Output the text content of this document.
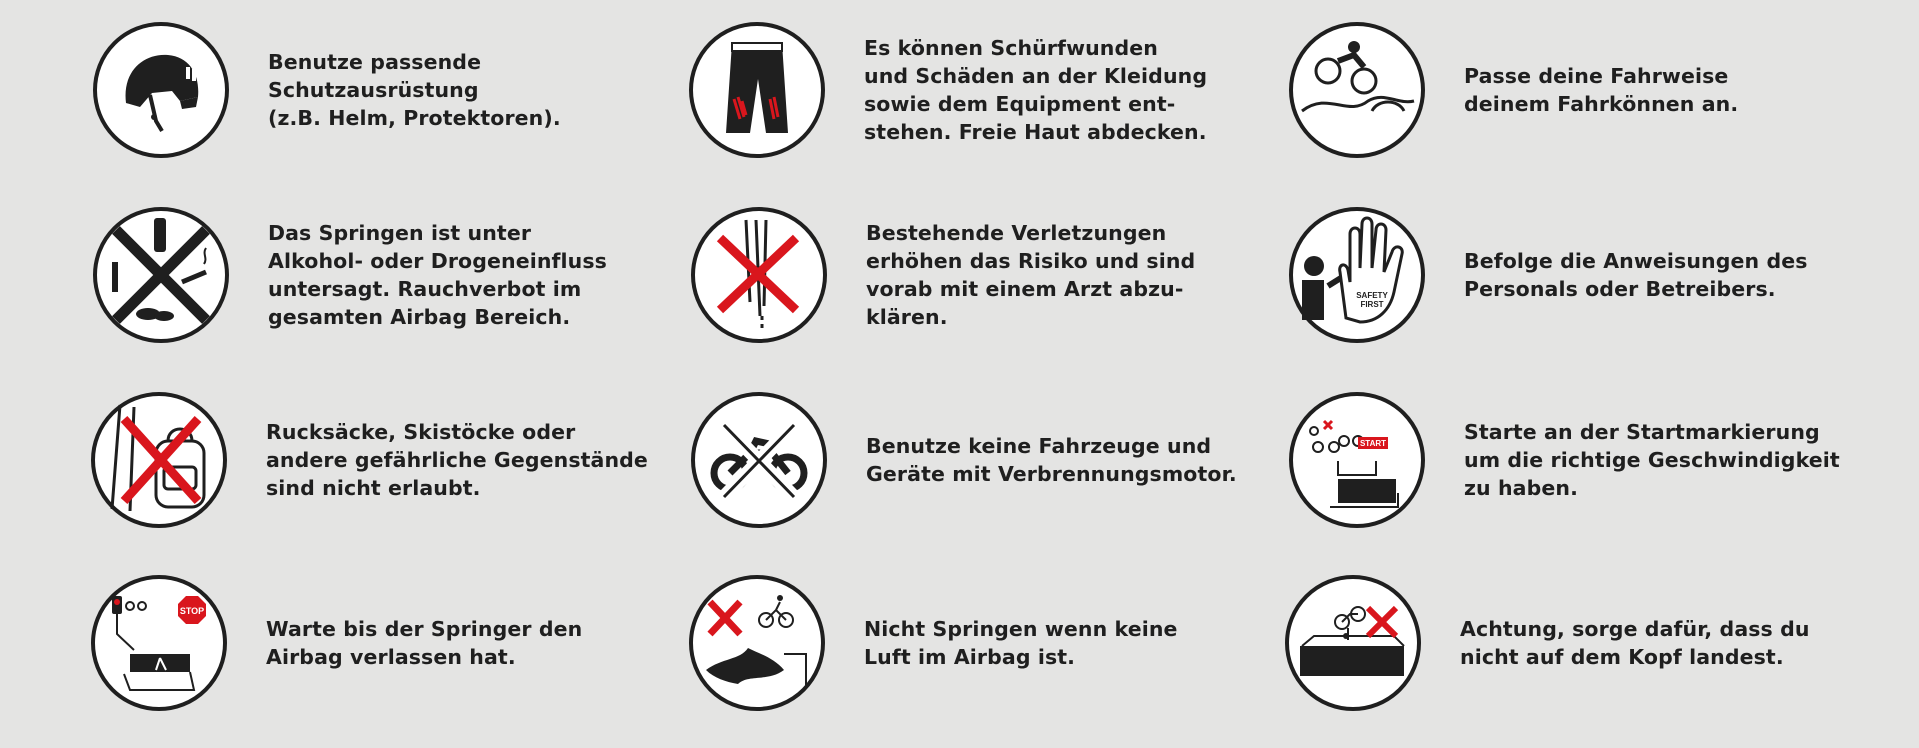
Benutze passende
Schutzausrüstung
(z.B. Helm, Protektoren).
Es können Schürfwunden
und Schäden an der Kleidung
sowie dem Equipment ent-
stehen. Freie Haut abdecken.
Passe deine Fahrweise
deinem Fahrkönnen an.
Das Springen ist unter
Alkohol- oder Drogeneinfluss
untersagt. Rauchverbot im
gesamten Airbag Bereich.
Bestehende Verletzungen
erhöhen das Risiko und sind
vorab mit einem Arzt abzu-
klären.
SAFETY
FIRST
Befolge die Anweisungen des
Personals oder Betreibers.
Rucksäcke, Skistöcke oder
andere gefährliche Gegenstände
sind nicht erlaubt.
Benutze keine Fahrzeuge und
Geräte mit Verbrennungsmotor.
START	Starte an der Startmarkierung
um die richtige Geschwindigkeit
zu haben.
STOP
Warte bis der Springer den
Airbag verlassen hat.
Nicht Springen wenn keine
Luft im Airbag ist.
Achtung, sorge dafür, dass du
nicht auf dem Kopf landest.
